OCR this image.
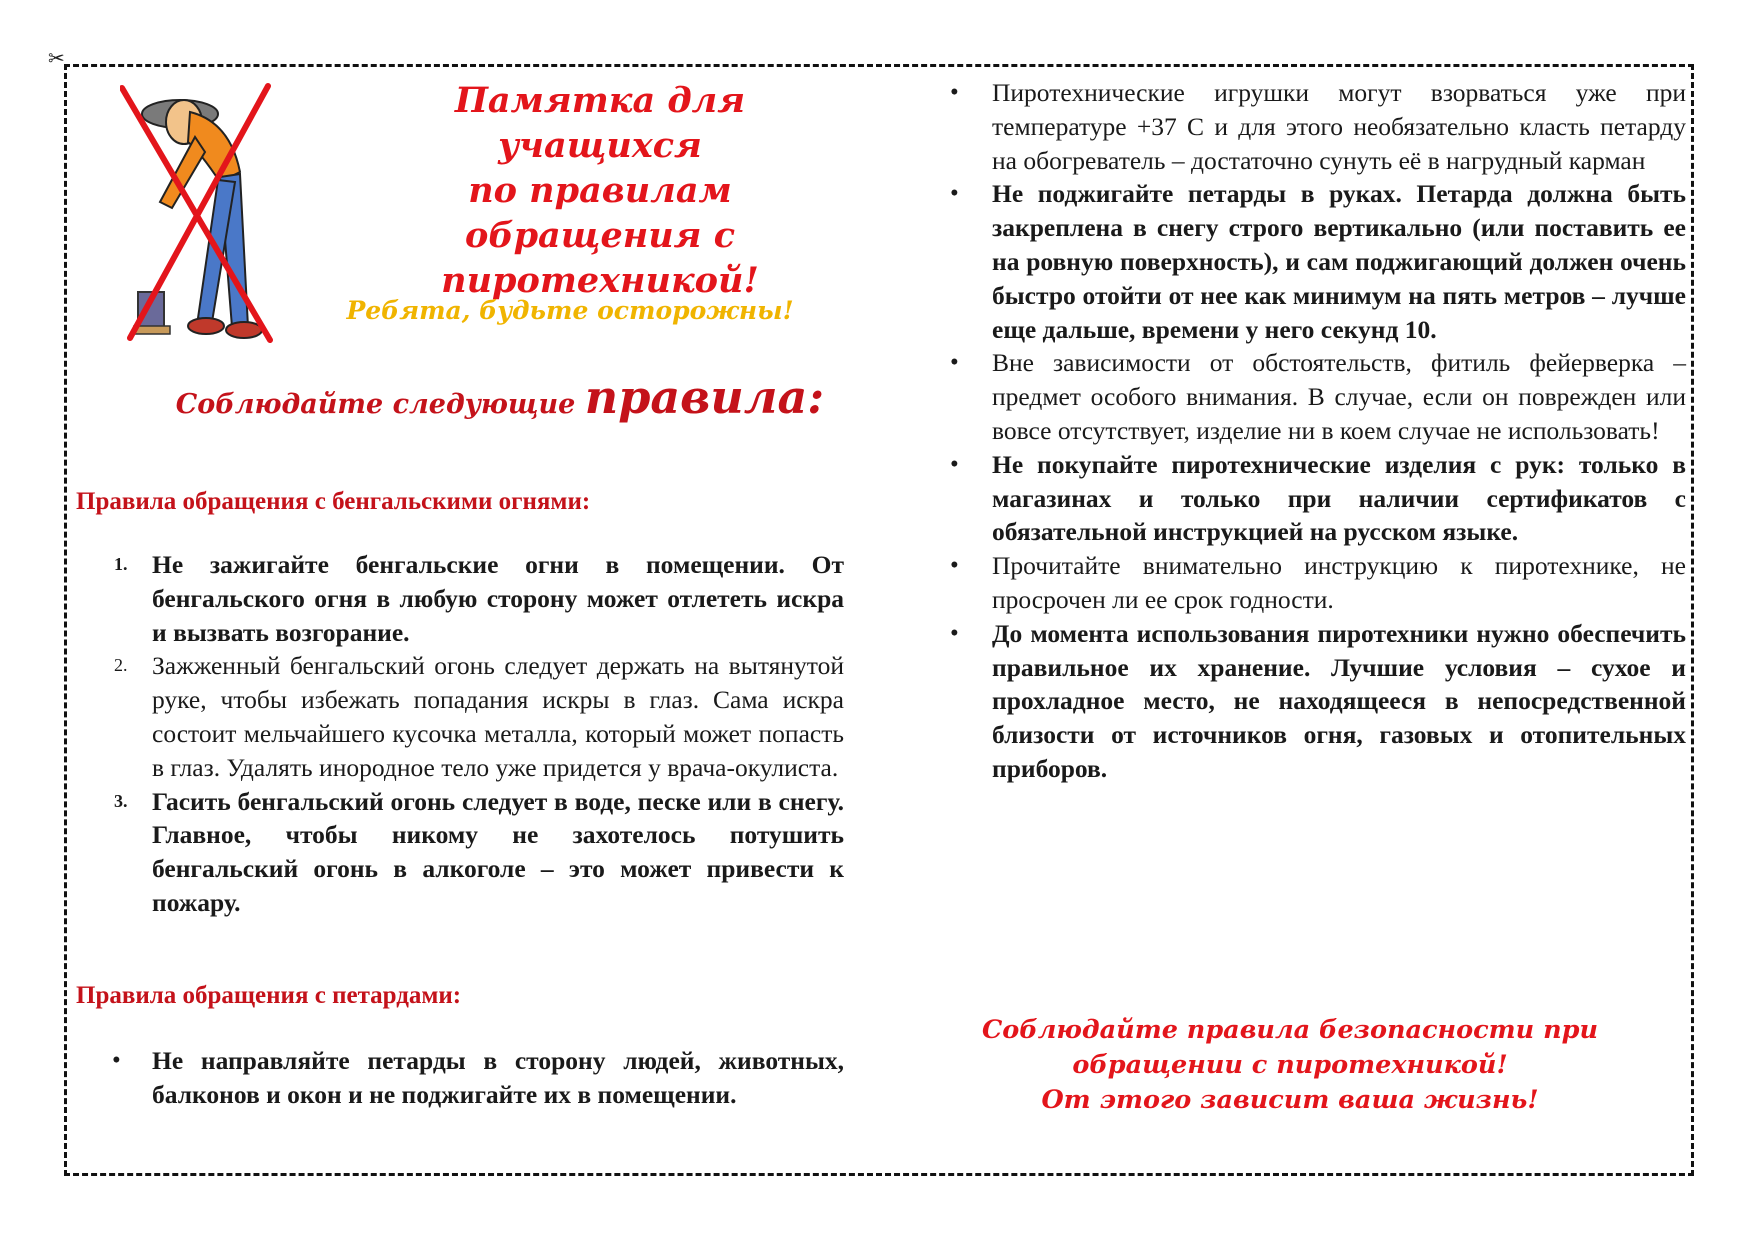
✂
Памятка для
учащихся
по правилам
обращения с
пиротехникой!
Ребята, будьте осторожны!
Соблюдайте следующие правила:
Правила обращения с бенгальскими огнями:
1. Не зажигайте бенгальские огни в помещении. От бенгальского огня в любую сторону может отлететь искра и вызвать возгорание.
2. Зажженный бенгальский огонь следует держать на вытянутой руке, чтобы избежать попадания искры в глаз. Сама искра состоит мельчайшего кусочка металла, который может попасть в глаз. Удалять инородное тело уже придется у врача-окулиста.
3. Гасить бенгальский огонь следует в воде, песке или в снегу. Главное, чтобы никому не захотелось потушить бенгальский огонь в алкоголе – это может привести к пожару.
Правила обращения с петардами:
• Не направляйте петарды в сторону людей, животных, балконов и окон и не поджигайте их в помещении.
• Пиротехнические игрушки могут взорваться уже при температуре +37 С и для этого необязательно класть петарду на обогреватель – достаточно сунуть её в нагрудный карман
• Не поджигайте петарды в руках. Петарда должна быть закреплена в снегу строго вертикально (или поставить ее на ровную поверхность), и сам поджигающий должен очень быстро отойти от нее как минимум на пять метров – лучше еще дальше, времени у него секунд 10.
• Вне зависимости от обстоятельств, фитиль фейерверка – предмет особого внимания. В случае, если он поврежден или вовсе отсутствует, изделие ни в коем случае не использовать!
• Не покупайте пиротехнические изделия с рук: только в магазинах и только при наличии сертификатов с обязательной инструкцией на русском языке.
• Прочитайте внимательно инструкцию к пиротехнике, не просрочен ли ее срок годности.
• До момента использования пиротехники нужно обеспечить правильное их хранение. Лучшие условия – сухое и прохладное место, не находящееся в непосредственной близости от источников огня, газовых и отопительных приборов.
Соблюдайте правила безопасности при
обращении с пиротехникой!
От этого зависит ваша жизнь!
